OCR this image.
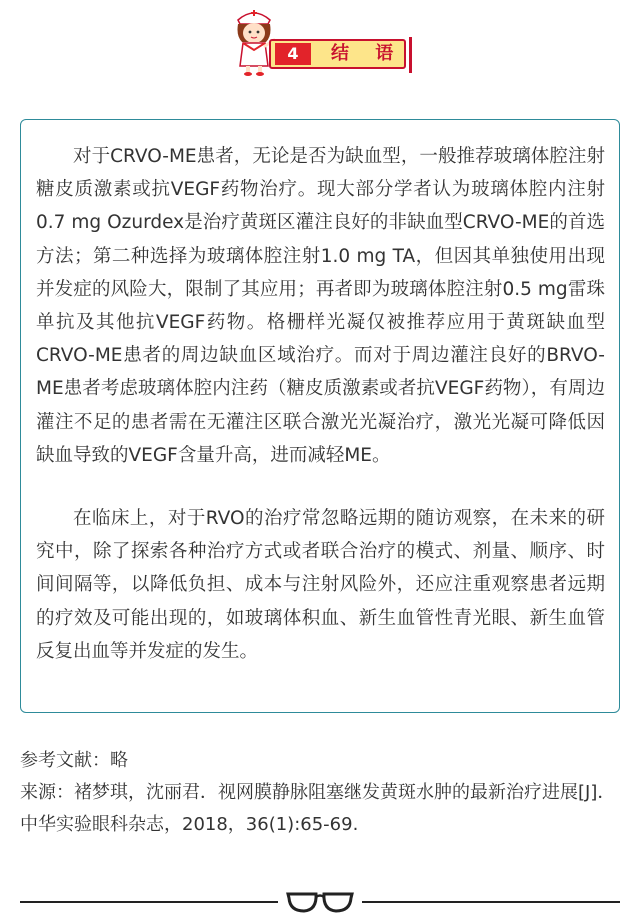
4	结 语

对于CRVO-ME患者，无论是否为缺血型，一般推荐玻璃体腔注射糖皮质激素或抗VEGF药物治疗。现大部分学者认为玻璃体腔内注射0.7 mg Ozurdex是治疗黄斑区灌注良好的非缺血型CRVO-ME的首选方法；第二种选择为玻璃体腔注射1.0 mg TA，但因其单独使用出现并发症的风险大，限制了其应用；再者即为玻璃体腔注射0.5 mg雷珠单抗及其他抗VEGF药物。格栅样光凝仅被推荐应用于黄斑缺血型CRVO-ME患者的周边缺血区域治疗。而对于周边灌注良好的BRVO-ME患者考虑玻璃体腔内注药（糖皮质激素或者抗VEGF药物），有周边灌注不足的患者需在无灌注区联合激光光凝治疗，激光光凝可降低因缺血导致的VEGF含量升高，进而减轻ME。

在临床上，对于RVO的治疗常忽略远期的随访观察，在未来的研究中，除了探索各种治疗方式或者联合治疗的模式、剂量、顺序、时间间隔等，以降低负担、成本与注射风险外，还应注重观察患者远期的疗效及可能出现的，如玻璃体积血、新生血管性青光眼、新生血管反复出血等并发症的发生。

参考文献：略
来源：褚梦琪，沈丽君．视网膜静脉阻塞继发黄斑水肿的最新治疗进展[J]．中华实验眼科杂志，2018，36(1):65-69.
